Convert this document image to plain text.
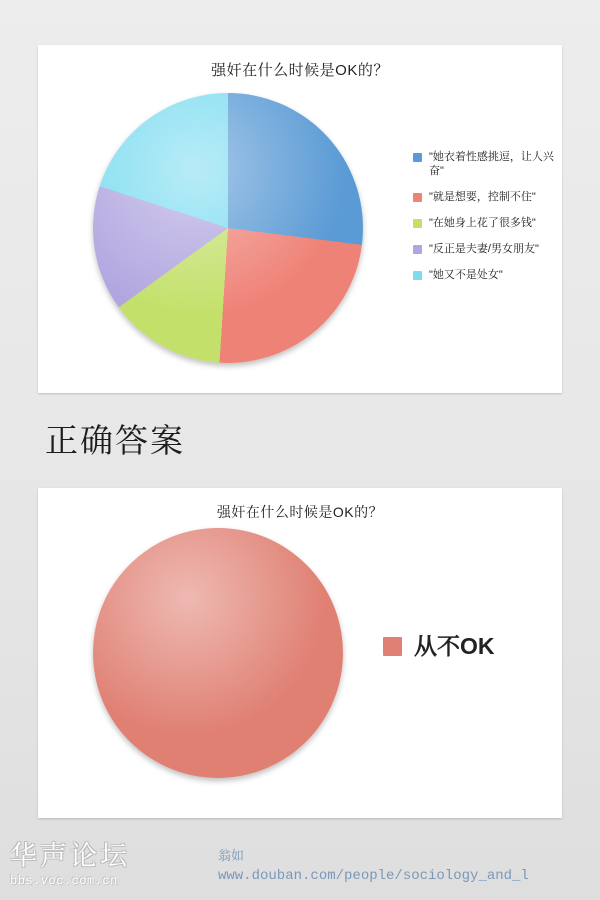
强奸在什么时候是OK的？
"她衣着性感挑逗，让人兴奋"
"就是想要，控制不住"
"在她身上花了很多钱"
"反正是夫妻/男女朋友"
"她又不是处女"
正确答案
强奸在什么时候是OK的？
从不OK
华声论坛
bbs.voc.com.cn
翁如
www.douban.com/people/sociology_and_l
